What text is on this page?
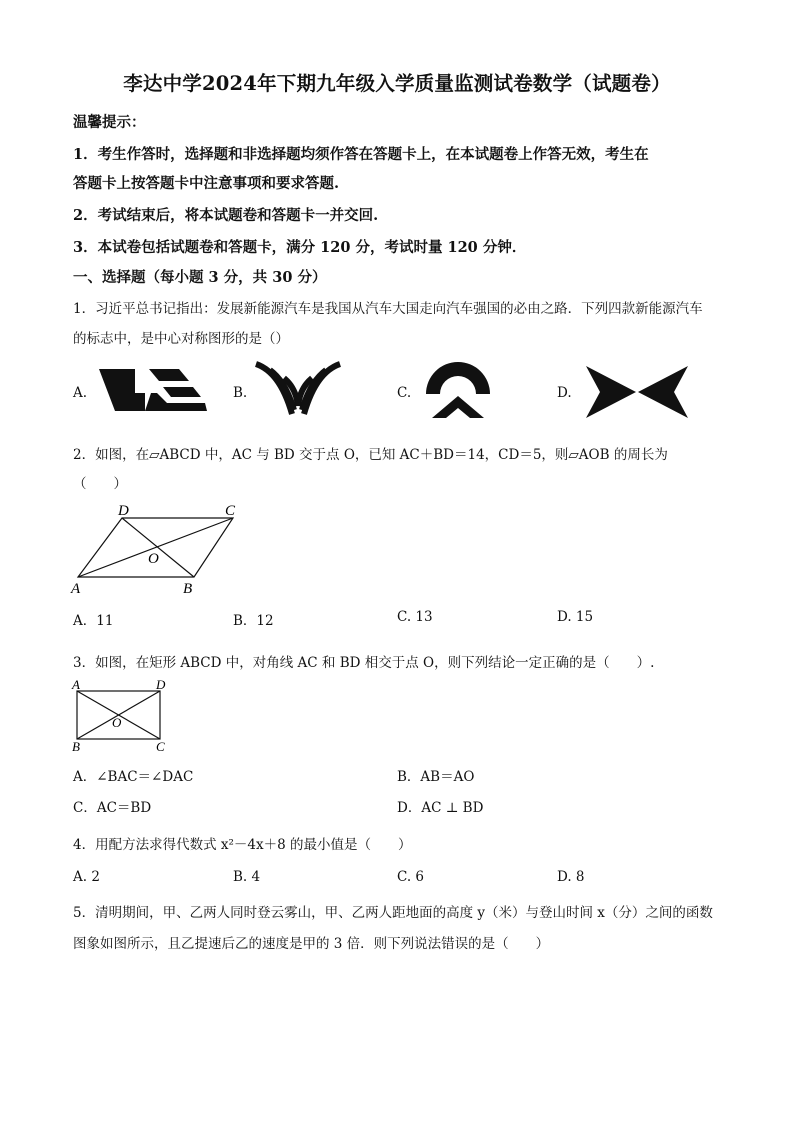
李达中学2024年下期九年级入学质量监测试卷数学（试题卷）
温馨提示：
1．考生作答时，选择题和非选择题均须作答在答题卡上，在本试题卷上作答无效，考生在
答题卡上按答题卡中注意事项和要求答题.
2．考试结束后，将本试题卷和答题卡一并交回.
3．本试卷包括试题卷和答题卡，满分 120 分，考试时量 120 分钟．
一、选择题（每小题 3 分，共 30 分）
1．习近平总书记指出：发展新能源汽车是我国从汽车大国走向汽车强国的必由之路．下列四款新能源汽车
的标志中，是中心对称图形的是（）
A.	B.	C.	D.
2．如图，在▱ABCD 中，AC 与 BD 交于点 O，已知 AC＋BD＝14，CD＝5，则▱AOB 的周长为
（　　）
D	C
O
A	B
A．11	B．12	C. 13	D. 15
3．如图，在矩形 ABCD 中，对角线 AC 和 BD 相交于点 O，则下列结论一定正确的是（　　）.
A	D
O
B	C
A．∠BAC＝∠DAC	B．AB＝AO
C．AC＝BD	D．AC ⊥ BD
4．用配方法求得代数式 x²－4x＋8 的最小值是（　　）
A. 2	B. 4	C. 6	D. 8
5．清明期间，甲、乙两人同时登云雾山，甲、乙两人距地面的高度 y（米）与登山时间 x（分）之间的函数
图象如图所示，且乙提速后乙的速度是甲的 3 倍．则下列说法错误的是（　　）
